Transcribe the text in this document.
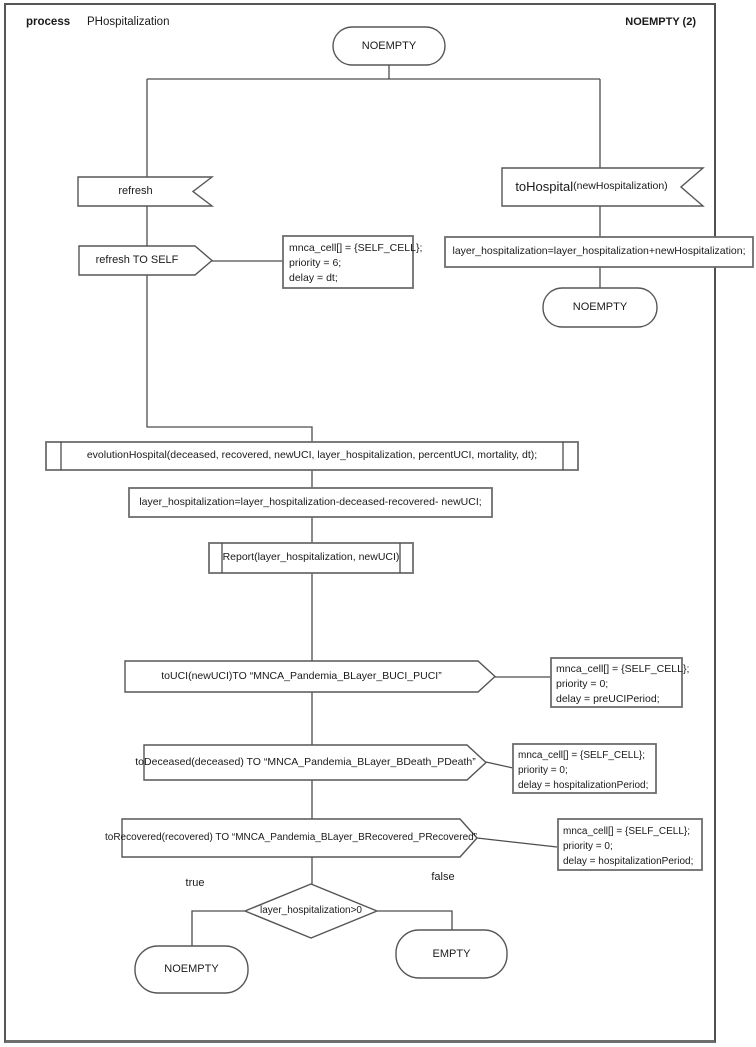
process PHospitalization	NOEMPTY (2)
NOEMPTY
refresh
refresh TO SELF
toHospital (newHospitalization)
layer_hospitalization=layer_hospitalization+newHospitalization;
NOEMPTY
evolutionHospital(deceased, recovered, newUCI, layer_hospitalization, percentUCI, mortality, dt);
layer_hospitalization=layer_hospitalization-deceased-recovered- newUCI;
Report(layer_hospitalization, newUCI)
toUCI(newUCI)TO “MNCA_Pandemia_BLayer_BUCI_PUCI”
toDeceased(deceased) TO “MNCA_Pandemia_BLayer_BDeath_PDeath”
toRecovered(recovered) TO “MNCA_Pandemia_BLayer_BRecovered_PRecovered”
mnca_cell[] = {SELF_CELL};
priority = 6;
delay = dt;
mnca_cell[] = {SELF_CELL};
priority = 0;
delay = preUCIPeriod;
mnca_cell[] = {SELF_CELL};
priority = 0;
delay = hospitalizationPeriod;
mnca_cell[] = {SELF_CELL};
priority = 0;
delay = hospitalizationPeriod;
layer_hospitalization>0
true	false
NOEMPTY
EMPTY
